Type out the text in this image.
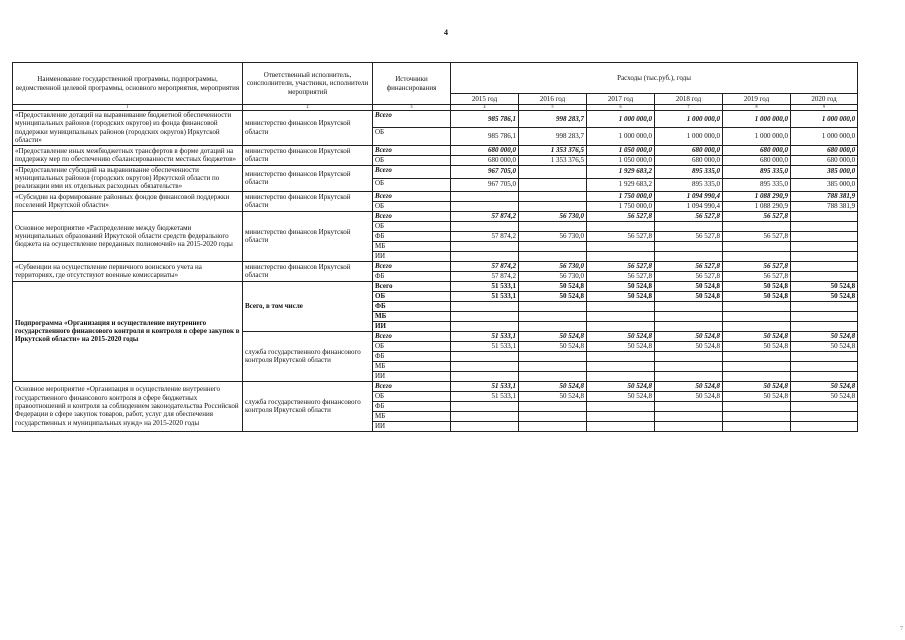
4
Наименование государственной программы, подпрограммы, ведомственной целевой программы, основного мероприятия, мероприятия	Ответственный исполнитель, соисполнители, участники, исполнители мероприятий	Источники финансирования	Расходы (тыс.руб.), годы					
			2015 год	2016 год	2017 год	2018 год	2019 год	2020 год
1	2	3	4	5	6	7	8	9
«Предоставление дотаций на выравнивание бюджетной обеспеченности муниципальных районов (городских округов) из фонда финансовой поддержки муниципальных районов (городских округов) Иркутской области»	министерство финансов Иркутской области	Всего	985 786,1	998 283,7	1 000 000,0	1 000 000,0	1 000 000,0	1 000 000,0
		ОБ	985 786,1	998 283,7	1 000 000,0	1 000 000,0	1 000 000,0	1 000 000,0
«Предоставление иных межбюджетных трансфертов в форме дотаций на поддержку мер по обеспечению сбалансированности местных бюджетов»	министерство финансов Иркутской области	Всего	680 000,0	1 353 376,5	1 050 000,0	680 000,0	680 000,0	680 000,0
		ОБ	680 000,0	1 353 376,5	1 050 000,0	680 000,0	680 000,0	680 000,0
«Предоставление субсидий на выравнивание обеспеченности муниципальных районов (городских округов) Иркутской области по реализации ими их отдельных расходных обязательств»	министерство финансов Иркутской области	Всего	967 705,0		1 929 683,2	895 335,0	895 335,0	385 000,0
		ОБ	967 705,0		1 929 683,2	895 335,0	895 335,0	385 000,0
«Субсидии на формирование районных фондов финансовой поддержки поселений Иркутской области»	министерство финансов Иркутской области	Всего			1 750 000,0	1 094 990,4	1 088 290,9	788 381,9
		ОБ			1 750 000,0	1 094 990,4	1 088 290,9	788 381,9
Основное мероприятие «Распределение между бюджетами муниципальных образований Иркутской области средств федерального бюджета на осуществление переданных полномочий» на 2015-2020 годы	министерство финансов Иркутской области	Всего	57 874,2	56 730,0	56 527,8	56 527,8	56 527,8	
		ОБ						
		ФБ	57 874,2	56 730,0	56 527,8	56 527,8	56 527,8	
		МБ						
		ИИ						
«Субвенции на осуществление первичного воинского учета на территориях, где отсутствуют военные комиссариаты»	министерство финансов Иркутской области	Всего	57 874,2	56 730,0	56 527,8	56 527,8	56 527,8	
		ФБ	57 874,2	56 730,0	56 527,8	56 527,8	56 527,8	
Подпрограмма «Организация и осуществление внутреннего государственного финансового контроля и контроля в сфере закупок в Иркутской области» на 2015-2020 годы	Всего, в том числе	Всего	51 533,1	50 524,8	50 524,8	50 524,8	50 524,8	50 524,8
		ОБ	51 533,1	50 524,8	50 524,8	50 524,8	50 524,8	50 524,8
		ФБ						
		МБ						
		ИИ						
	служба государственного финансового контроля Иркутской области	Всего	51 533,1	50 524,8	50 524,8	50 524,8	50 524,8	50 524,8
		ОБ	51 533,1	50 524,8	50 524,8	50 524,8	50 524,8	50 524,8
		ФБ						
		МБ						
		ИИ						
Основное мероприятие «Организация и осуществление внутреннего государственного финансового контроля в сфере бюджетных правоотношений и контроля за соблюдением законодательства Российской Федерации в сфере закупок товаров, работ, услуг для обеспечения государственных и муниципальных нужд» на 2015-2020 годы	служба государственного финансового контроля Иркутской области	Всего	51 533,1	50 524,8	50 524,8	50 524,8	50 524,8	50 524,8
		ОБ	51 533,1	50 524,8	50 524,8	50 524,8	50 524,8	50 524,8
		ФБ						
		МБ						
		ИИ						
7
